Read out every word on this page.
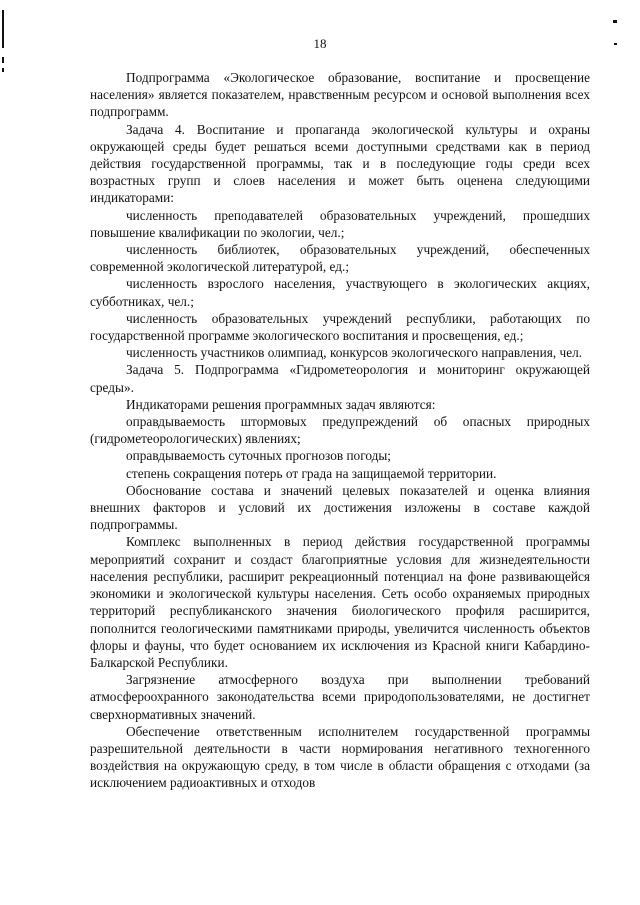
18

Подпрограмма «Экологическое образование, воспитание и просвещение населения» является показателем, нравственным ресурсом и основой выполнения всех подпрограмм.

Задача 4. Воспитание и пропаганда экологической культуры и охраны окружающей среды будет решаться всеми доступными средствами как в период действия государственной программы, так и в последующие годы среди всех возрастных групп и слоев населения и может быть оценена следующими индикаторами:

численность преподавателей образовательных учреждений, прошедших повышение квалификации по экологии, чел.;

численность библиотек, образовательных учреждений, обеспеченных современной экологической литературой, ед.;

численность взрослого населения, участвующего в экологических акциях, субботниках, чел.;

численность образовательных учреждений республики, работающих по государственной программе экологического воспитания и просвещения, ед.;

численность участников олимпиад, конкурсов экологического направления, чел.

Задача 5. Подпрограмма «Гидрометеорология и мониторинг окружающей среды».

Индикаторами решения программных задач являются:

оправдываемость штормовых предупреждений об опасных природных (гидрометеорологических) явлениях;

оправдываемость суточных прогнозов погоды;

степень сокращения потерь от града на защищаемой территории.

Обоснование состава и значений целевых показателей и оценка влияния внешних факторов и условий их достижения изложены в составе каждой подпрограммы.

Комплекс выполненных в период действия государственной программы мероприятий сохранит и создаст благоприятные условия для жизнедеятельности населения республики, расширит рекреационный потенциал на фоне развивающейся экономики и экологической культуры населения. Сеть особо охраняемых природных территорий республиканского значения биологического профиля расширится, пополнится геологическими памятниками природы, увеличится численность объектов флоры и фауны, что будет основанием их исключения из Красной книги Кабардино-Балкарской Республики.

Загрязнение атмосферного воздуха при выполнении требований атмосфероохранного законодательства всеми природопользователями, не достигнет сверхнормативных значений.

Обеспечение ответственным исполнителем государственной программы разрешительной деятельности в части нормирования негативного техногенного воздействия на окружающую среду, в том числе в области обращения с отходами (за исключением радиоактивных и отходов
